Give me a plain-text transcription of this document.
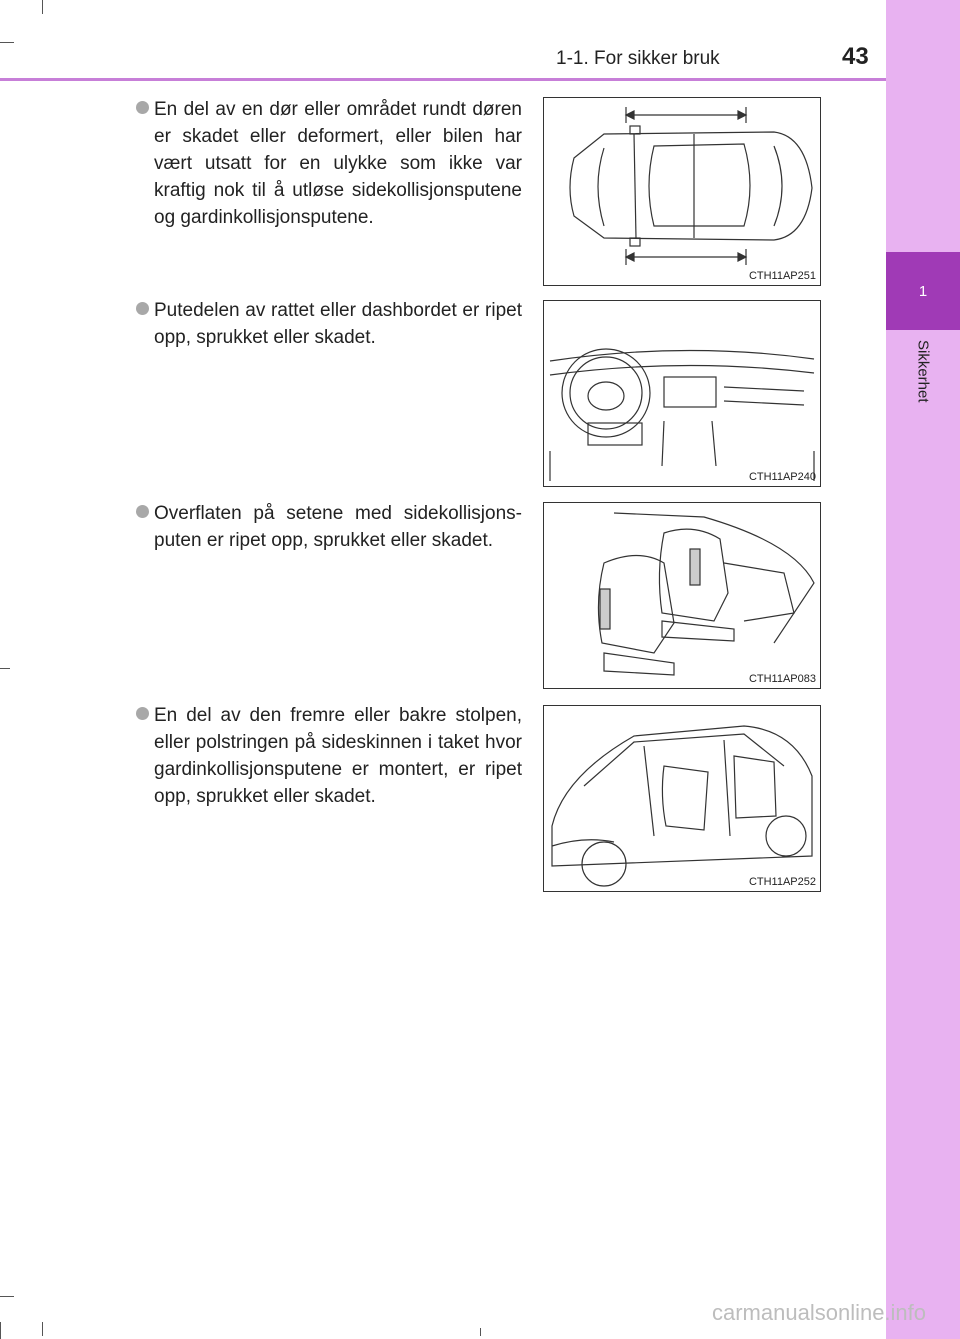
1
Sikkerhet
1-1. For sikker bruk	43
En del av en dør eller området rundt døren er skadet eller deformert, eller bilen har vært utsatt for en ulykke som ikke var kraftig nok til å utløse sidekollisjonsputene og gardinkollisjonsputene.
CTH11AP251
Putedelen av rattet eller dashbordet er ripet opp, sprukket eller skadet.
CTH11AP240
Overflaten på setene med sidekollisjonsputen er ripet opp, sprukket eller skadet.
CTH11AP083
En del av den fremre eller bakre stolpen, eller polstringen på sideskinnen i taket hvor gardinkollisjonsputene er montert, er ripet opp, sprukket eller skadet.
CTH11AP252
carmanualsonline.info
